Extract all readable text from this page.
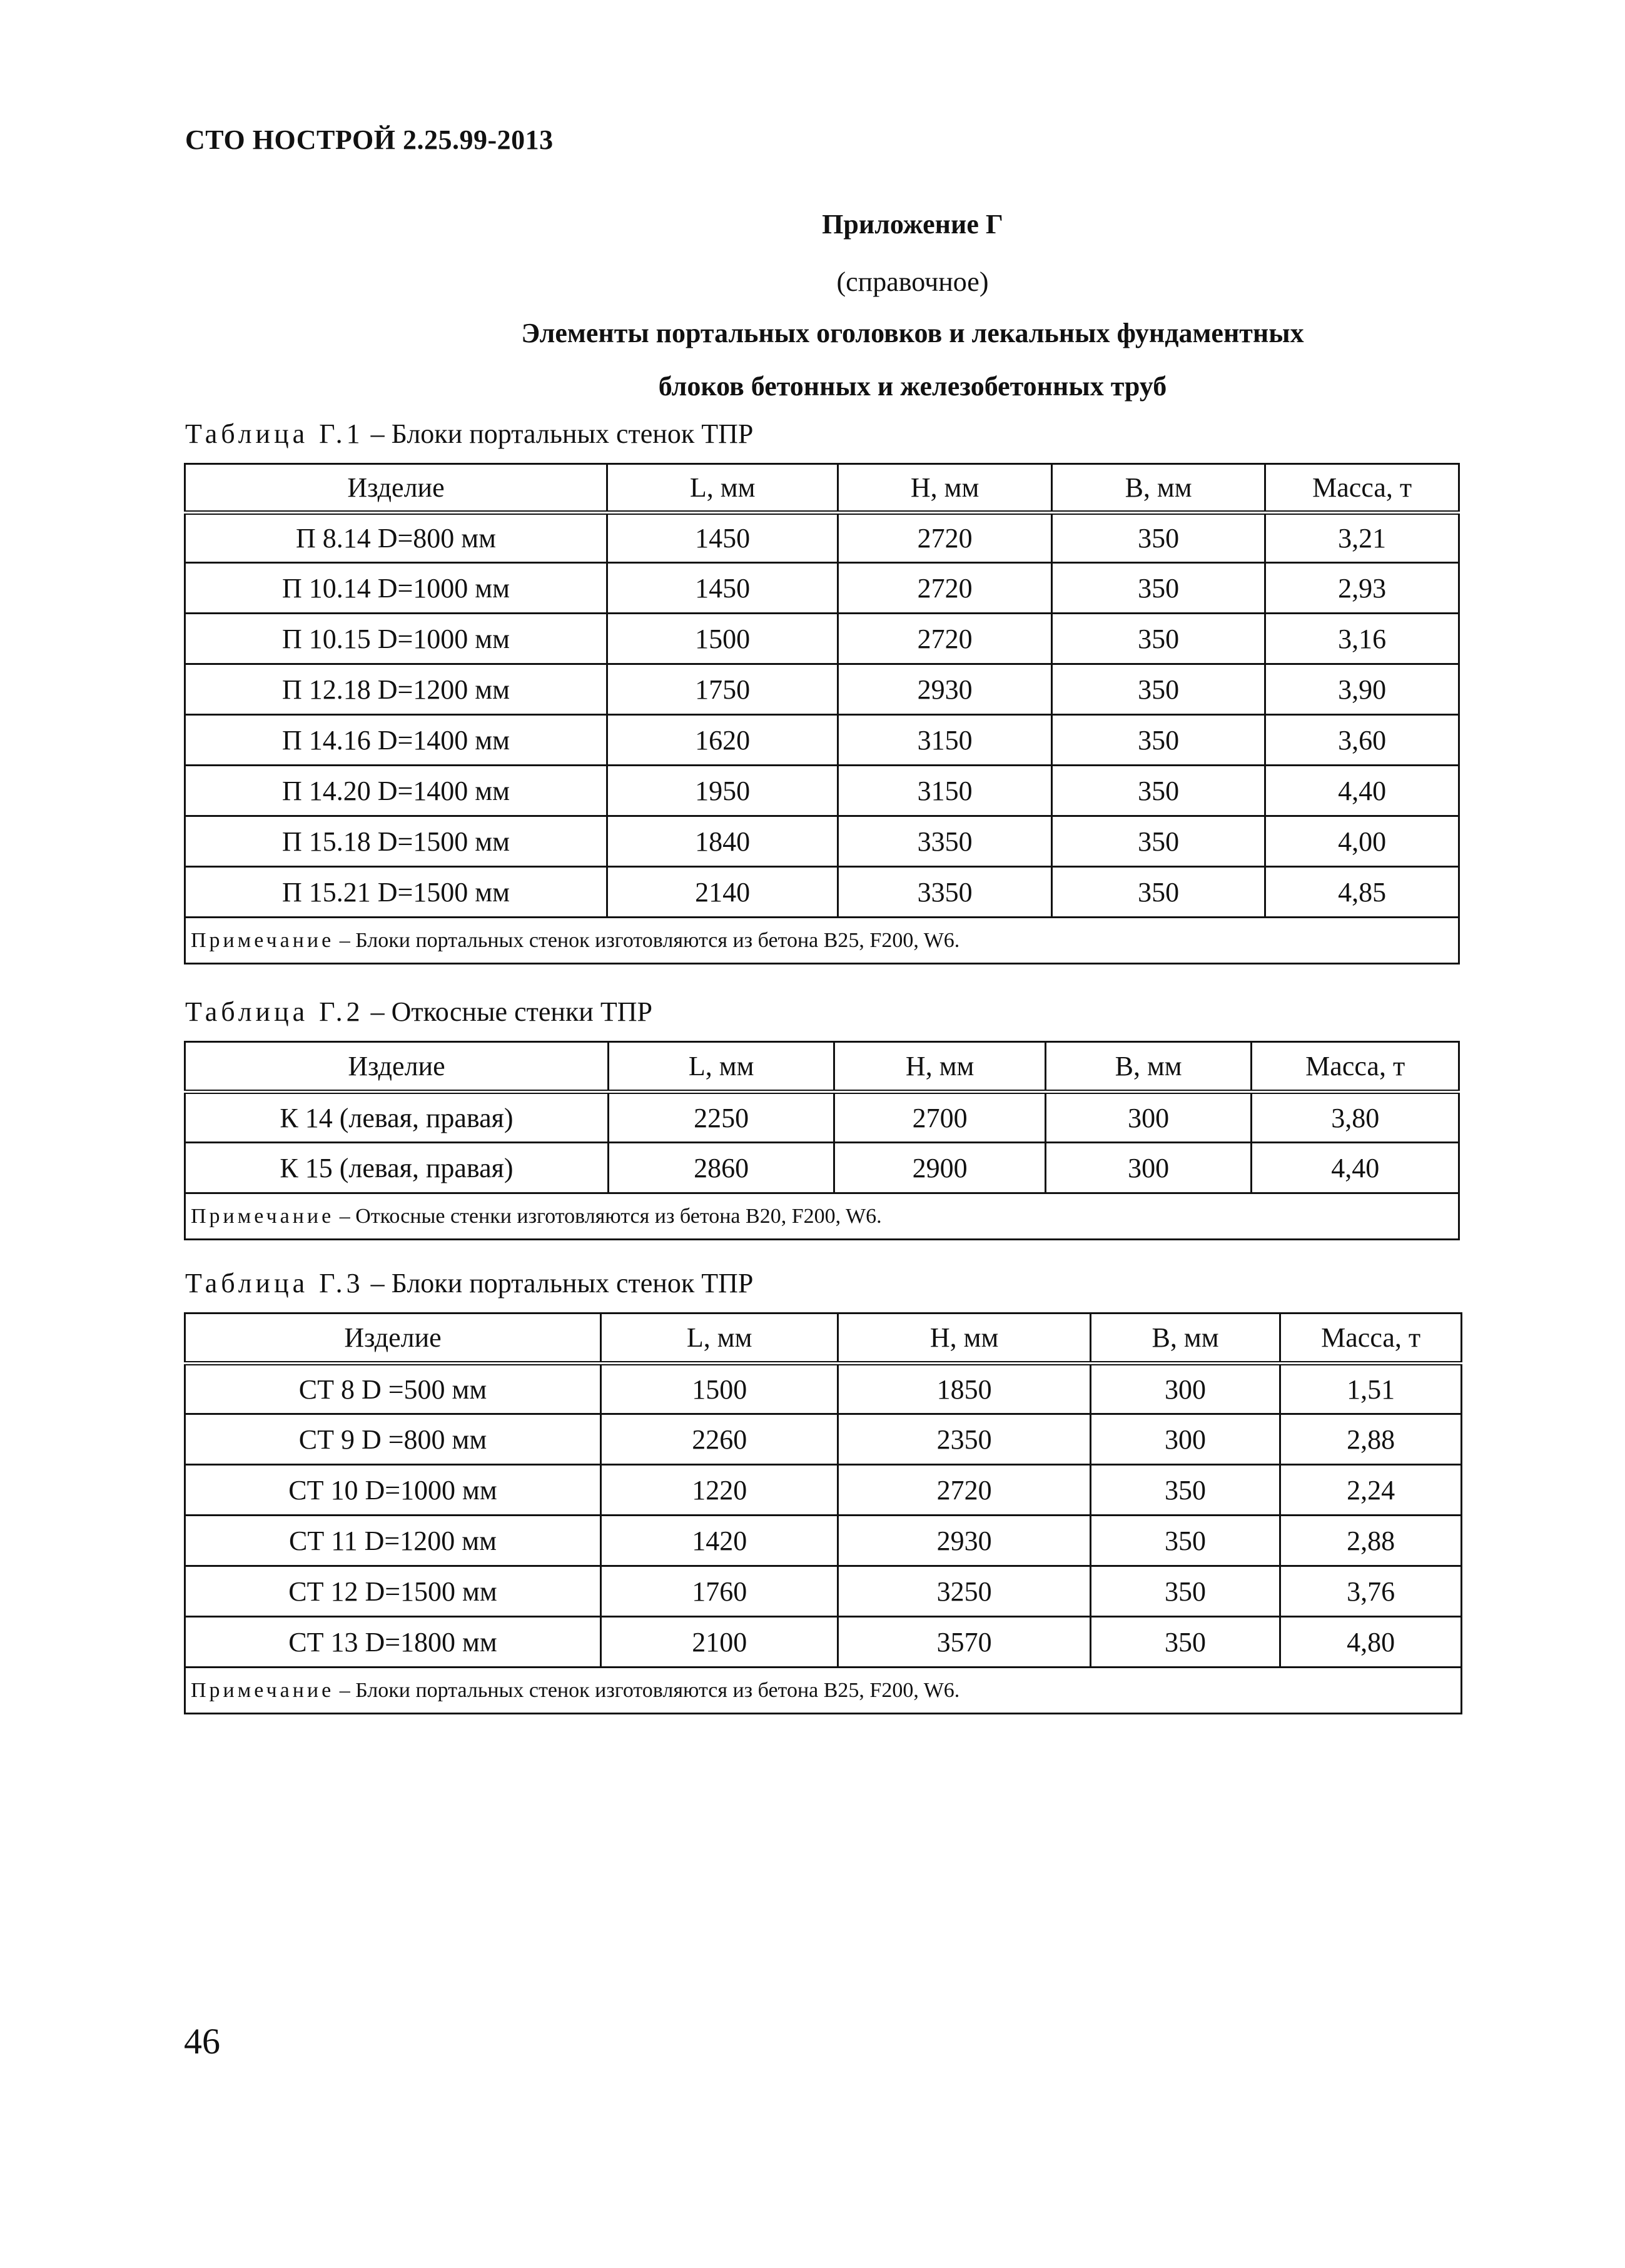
СТО НОСТРОЙ 2.25.99-2013
Приложение Г
(справочное)
Элементы портальных оголовков и лекальных фундаментных
блоков бетонных и железобетонных труб
Таблица Г.1 – Блоки портальных стенок ТПР
Изделие	L, мм	Н, мм	В, мм	Масса, т
П 8.14 D=800 мм	1450	2720	350	3,21
П 10.14 D=1000 мм	1450	2720	350	2,93
П 10.15 D=1000 мм	1500	2720	350	3,16
П 12.18 D=1200 мм	1750	2930	350	3,90
П 14.16 D=1400 мм	1620	3150	350	3,60
П 14.20 D=1400 мм	1950	3150	350	4,40
П 15.18 D=1500 мм	1840	3350	350	4,00
П 15.21 D=1500 мм	2140	3350	350	4,85
Примечание – Блоки портальных стенок изготовляются из бетона В25, F200, W6.				
Таблица Г.2 – Откосные стенки ТПР
Изделие	L, мм	Н, мм	В, мм	Масса, т
К 14 (левая, правая)	2250	2700	300	3,80
К 15 (левая, правая)	2860	2900	300	4,40
Примечание – Откосные стенки изготовляются из бетона В20, F200, W6.				
Таблица Г.3 – Блоки портальных стенок ТПР
Изделие	L, мм	Н, мм	В, мм	Масса, т
СТ 8 D =500 мм	1500	1850	300	1,51
СТ 9 D =800 мм	2260	2350	300	2,88
СТ 10 D=1000 мм	1220	2720	350	2,24
СТ 11 D=1200 мм	1420	2930	350	2,88
СТ 12 D=1500 мм	1760	3250	350	3,76
СТ 13 D=1800 мм	2100	3570	350	4,80
Примечание – Блоки портальных стенок изготовляются из бетона В25, F200, W6.				
46
